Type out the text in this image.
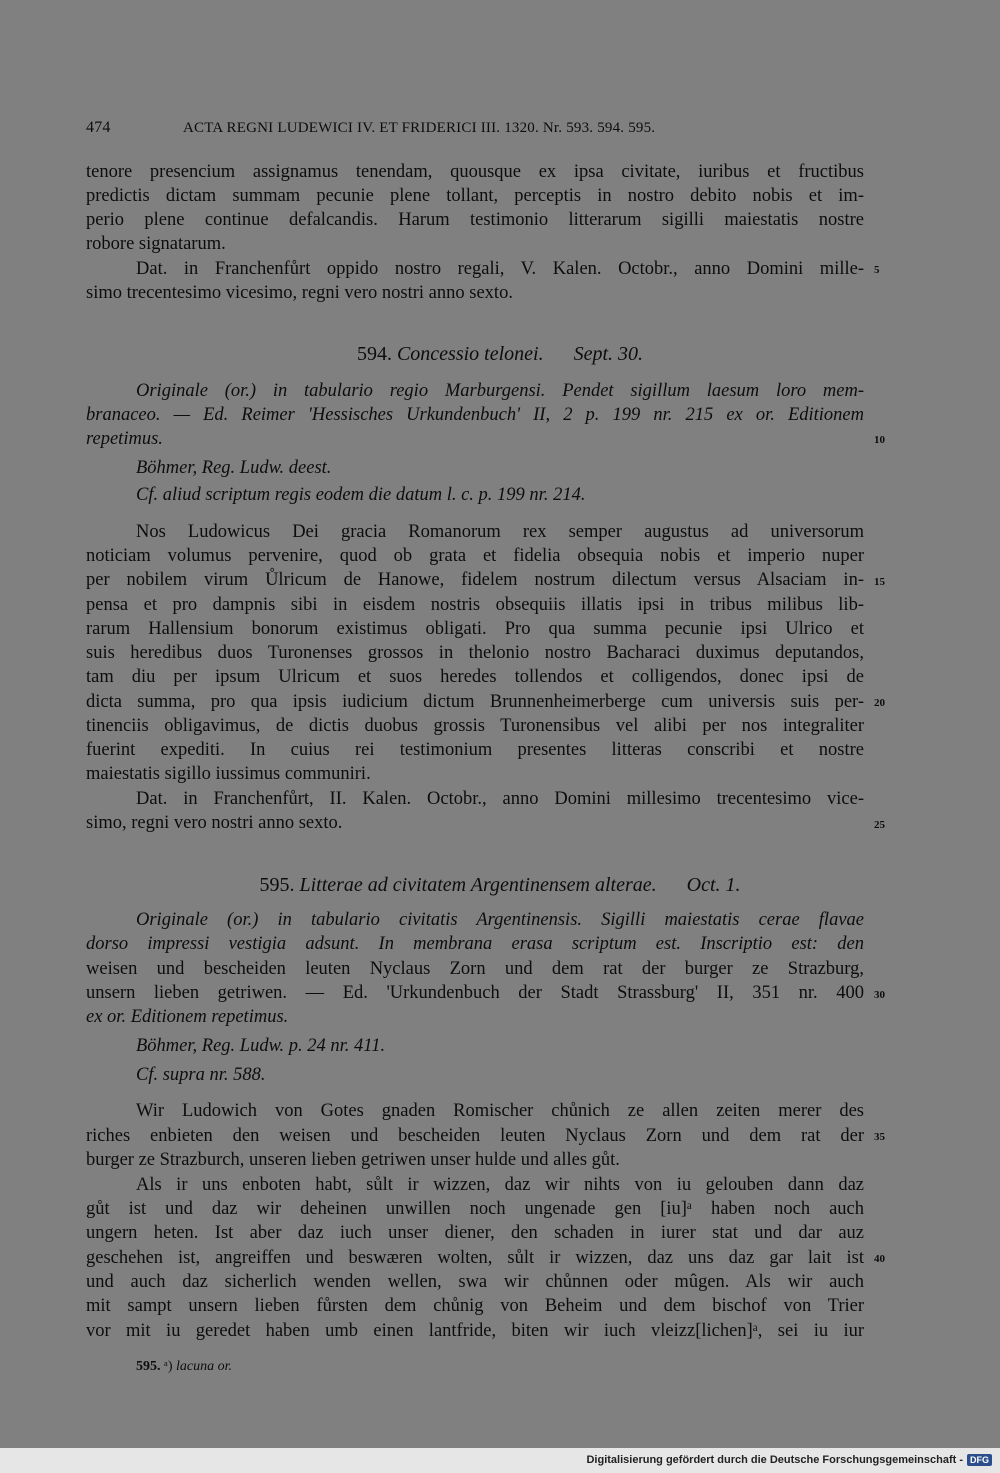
474	ACTA REGNI LUDEWICI IV. ET FRIDERICI III. 1320. Nr. 593. 594. 595.
tenore presencium assignamus tenendam, quousque ex ipsa civitate, iuribus et fructibus
predictis dictam summam pecunie plene tollant, perceptis in nostro debito nobis et im-
perio plene continue defalcandis. Harum testimonio litterarum sigilli maiestatis nostre
robore signatarum.
Dat. in Franchenfůrt oppido nostro regali, V. Kalen. Octobr., anno Domini mille-
simo trecentesimo vicesimo, regni vero nostri anno sexto.
594. Concessio telonei. Sept. 30.
Originale (or.) in tabulario regio Marburgensi. Pendet sigillum laesum loro mem-
branaceo. — Ed. Reimer 'Hessisches Urkundenbuch' II, 2 p. 199 nr. 215 ex or. Editionem
repetimus.
Böhmer, Reg. Ludw. deest.
Cf. aliud scriptum regis eodem die datum l. c. p. 199 nr. 214.
Nos Ludowicus Dei gracia Romanorum rex semper augustus ad universorum
noticiam volumus pervenire, quod ob grata et fidelia obsequia nobis et imperio nuper
per nobilem virum Ůlricum de Hanowe, fidelem nostrum dilectum versus Alsaciam in-
pensa et pro dampnis sibi in eisdem nostris obsequiis illatis ipsi in tribus milibus lib-
rarum Hallensium bonorum existimus obligati. Pro qua summa pecunie ipsi Ulrico et
suis heredibus duos Turonenses grossos in thelonio nostro Bacharaci duximus deputandos,
tam diu per ipsum Ulricum et suos heredes tollendos et colligendos, donec ipsi de
dicta summa, pro qua ipsis iudicium dictum Brunnenheimerberge cum universis suis per-
tinenciis obligavimus, de dictis duobus grossis Turonensibus vel alibi per nos integraliter
fuerint expediti. In cuius rei testimonium presentes litteras conscribi et nostre
maiestatis sigillo iussimus communiri.
Dat. in Franchenfůrt, II. Kalen. Octobr., anno Domini millesimo trecentesimo vice-
simo, regni vero nostri anno sexto.
595. Litterae ad civitatem Argentinensem alterae. Oct. 1.
Originale (or.) in tabulario civitatis Argentinensis. Sigilli maiestatis cerae flavae
dorso impressi vestigia adsunt. In membrana erasa scriptum est. Inscriptio est: den
weisen und bescheiden leuten Nyclaus Zorn und dem rat der burger ze Strazburg,
unsern lieben getriwen. — Ed. 'Urkundenbuch der Stadt Strassburg' II, 351 nr. 400
ex or. Editionem repetimus.
Böhmer, Reg. Ludw. p. 24 nr. 411.
Cf. supra nr. 588.
Wir Ludowich von Gotes gnaden Romischer chůnich ze allen zeiten merer des
riches enbieten den weisen und bescheiden leuten Nyclaus Zorn und dem rat der
burger ze Strazburch, unseren lieben getriwen unser hulde und alles gůt.
Als ir uns enboten habt, sůlt ir wizzen, daz wir nihts von iu gelouben dann daz
gůt ist und daz wir deheinen unwillen noch ungenade gen [iu]ᵃ haben noch auch
ungern heten. Ist aber daz iuch unser diener, den schaden in iurer stat und dar auz
geschehen ist, angreiffen und beswæren wolten, sůlt ir wizzen, daz uns daz gar lait ist
und auch daz sicherlich wenden wellen, swa wir chůnnen oder mûgen. Als wir auch
mit sampt unsern lieben fůrsten dem chůnig von Beheim und dem bischof von Trier
vor mit iu geredet haben umb einen lantfride, biten wir iuch vleizz[lichen]ᵃ, sei iu iur
5
10
15
20
25
30
35
40
595. ᵃ) lacuna or.
Digitalisierung gefördert durch die Deutsche Forschungsgemeinschaft - DFG
